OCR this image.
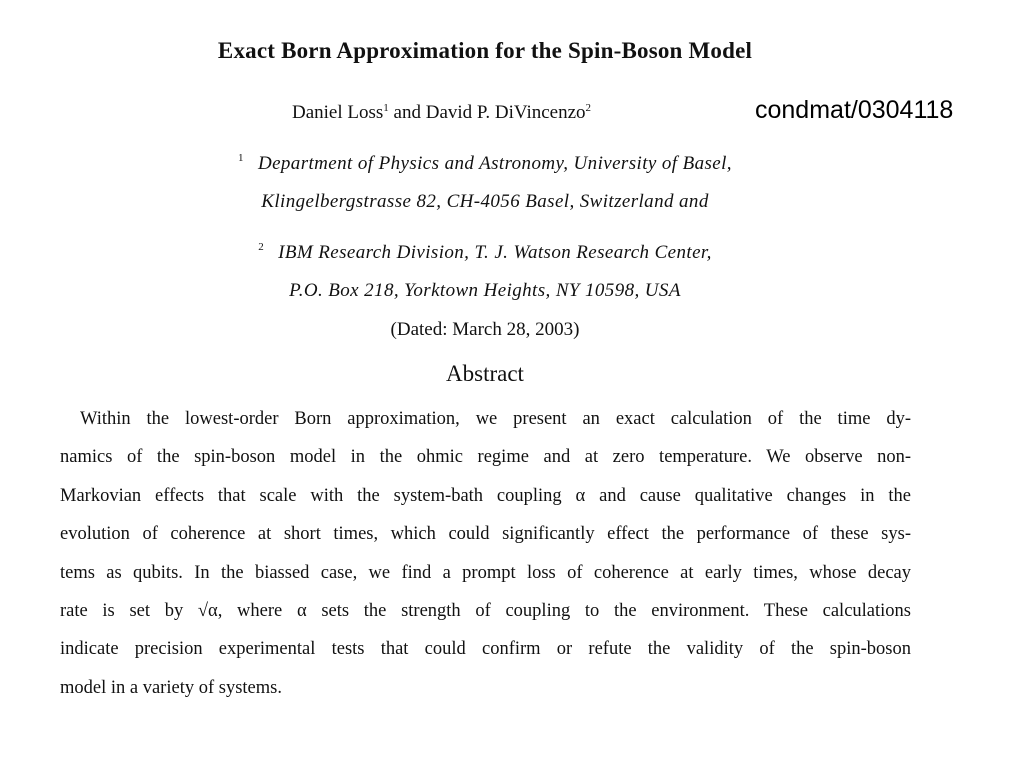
Exact Born Approximation for the Spin-Boson Model
condmat/0304118
Daniel Loss$^1$ and David P. DiVincenzo$^2$
$^1$ Department of Physics and Astronomy, University of Basel,
Klingelbergstrasse 82, CH-4056 Basel, Switzerland and
$^2$ IBM Research Division, T. J. Watson Research Center,
P.O. Box 218, Yorktown Heights, NY 10598, USA
(Dated: March 28, 2003)
Abstract
Within the lowest-order Born approximation, we present an exact calculation of the time dy-
namics of the spin-boson model in the ohmic regime and at zero temperature. We observe non-
Markovian effects that scale with the system-bath coupling α and cause qualitative changes in the
evolution of coherence at short times, which could significantly effect the performance of these sys-
tems as qubits. In the biassed case, we find a prompt loss of coherence at early times, whose decay
rate is set by √α, where α sets the strength of coupling to the environment. These calculations
indicate precision experimental tests that could confirm or refute the validity of the spin-boson
model in a variety of systems.
